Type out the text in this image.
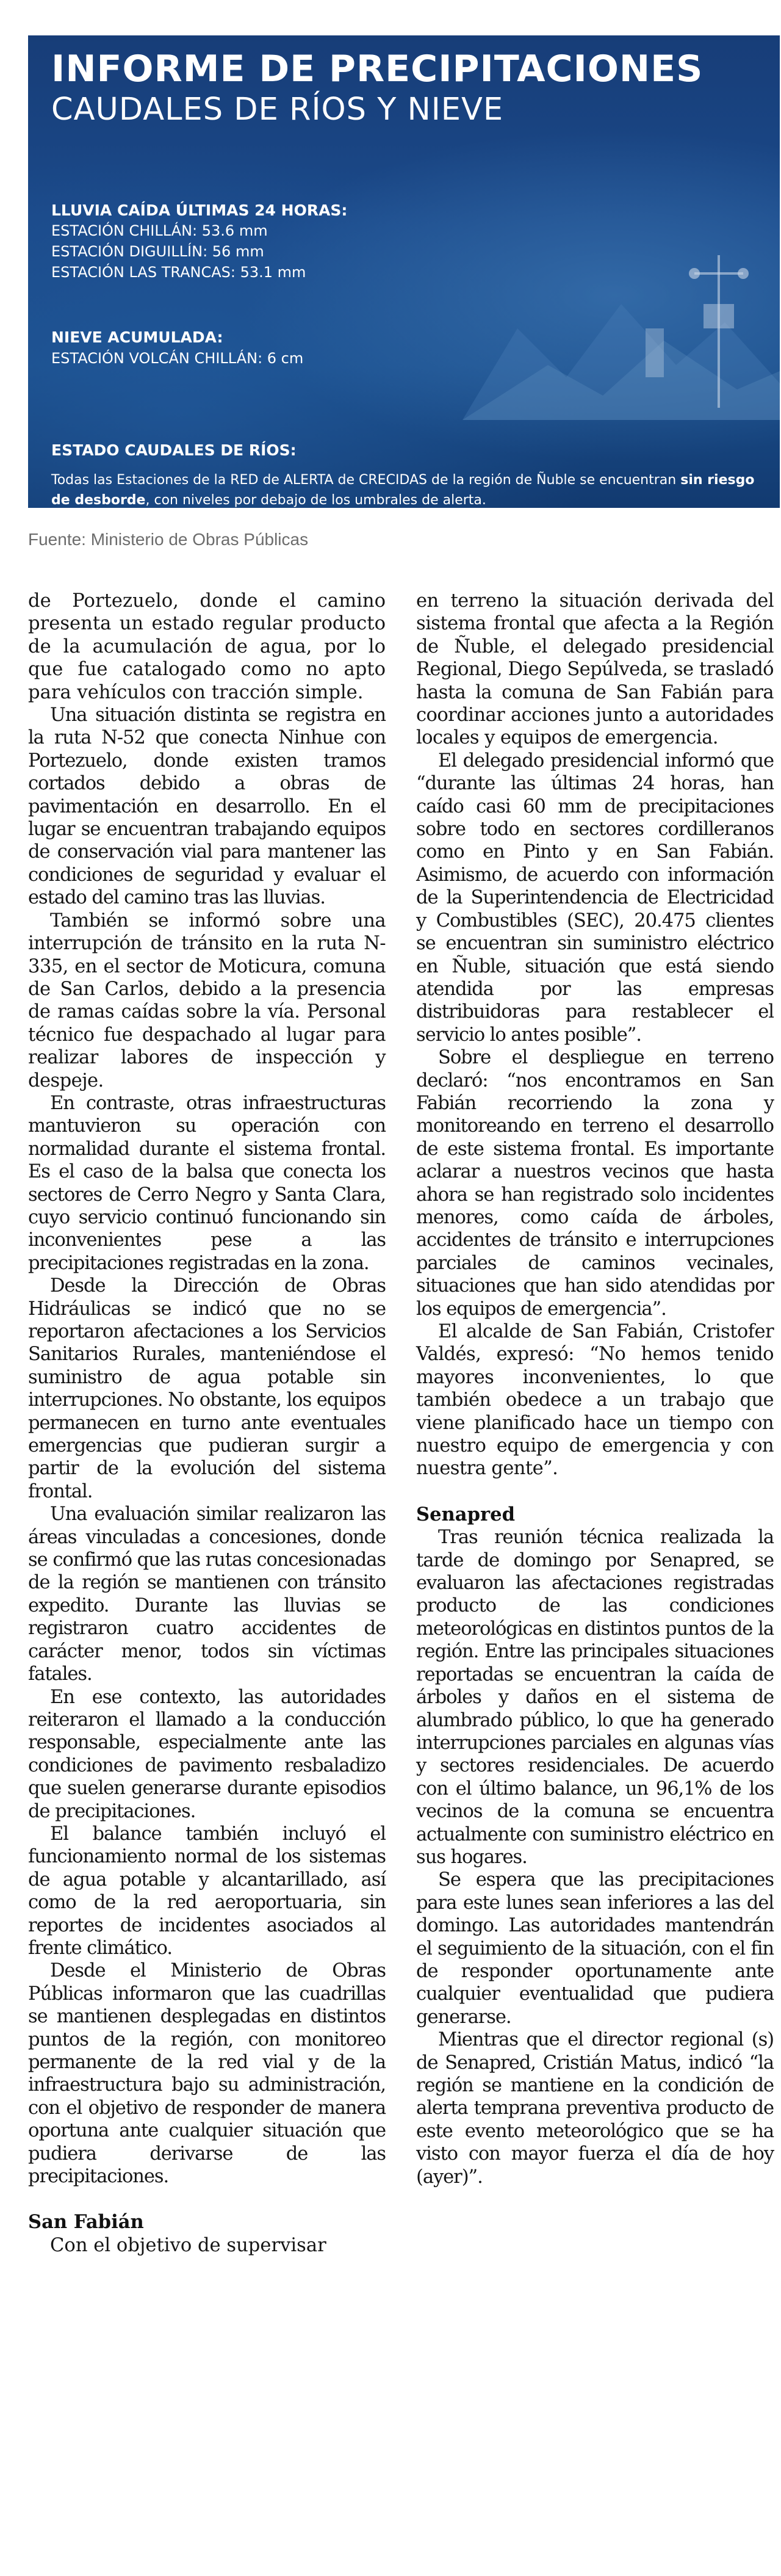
INFORME DE PRECIPITACIONES
CAUDALES DE RÍOS Y NIEVE
LLUVIA CAÍDA ÚLTIMAS 24 HORAS:
ESTACIÓN CHILLÁN: 53.6 mm
ESTACIÓN DIGUILLÍN: 56 mm
ESTACIÓN LAS TRANCAS: 53.1 mm
NIEVE ACUMULADA:
ESTACIÓN VOLCÁN CHILLÁN: 6 cm
ESTADO CAUDALES DE RÍOS:
Todas las Estaciones de la RED de ALERTA de CRECIDAS de la región de Ñuble se encuentran sin riesgo de desborde, con niveles por debajo de los umbrales de alerta.
Fuente: Ministerio de Obras Públicas

de Portezuelo, donde el camino presenta un estado regular producto de la acumulación de agua, por lo que fue catalogado como no apto para vehículos con tracción simple.

Una situación distinta se registra en la ruta N-52 que conecta Ninhue con Portezuelo, donde existen tramos cortados debido a obras de pavimentación en desarrollo. En el lugar se encuentran trabajando equipos de conservación vial para mantener las condiciones de seguridad y evaluar el estado del camino tras las lluvias.

También se informó sobre una interrupción de tránsito en la ruta N-335, en el sector de Moticura, comuna de San Carlos, debido a la presencia de ramas caídas sobre la vía. Personal técnico fue despachado al lugar para realizar labores de inspección y despeje.

En contraste, otras infraestructuras mantuvieron su operación con normalidad durante el sistema frontal. Es el caso de la balsa que conecta los sectores de Cerro Negro y Santa Clara, cuyo servicio continuó funcionando sin inconvenientes pese a las precipitaciones registradas en la zona.

Desde la Dirección de Obras Hidráulicas se indicó que no se reportaron afectaciones a los Servicios Sanitarios Rurales, manteniéndose el suministro de agua potable sin interrupciones. No obstante, los equipos permanecen en turno ante eventuales emergencias que pudieran surgir a partir de la evolución del sistema frontal.

Una evaluación similar realizaron las áreas vinculadas a concesiones, donde se confirmó que las rutas concesionadas de la región se mantienen con tránsito expedito. Durante las lluvias se registraron cuatro accidentes de carácter menor, todos sin víctimas fatales.

En ese contexto, las autoridades reiteraron el llamado a la conducción responsable, especialmente ante las condiciones de pavimento resbaladizo que suelen generarse durante episodios de precipitaciones.

El balance también incluyó el funcionamiento normal de los sistemas de agua potable y alcantarillado, así como de la red aeroportuaria, sin reportes de incidentes asociados al frente climático.

Desde el Ministerio de Obras Públicas informaron que las cuadrillas se mantienen desplegadas en distintos puntos de la región, con monitoreo permanente de la red vial y de la infraestructura bajo su administración, con el objetivo de responder de manera oportuna ante cualquier situación que pudiera derivarse de las precipitaciones.

San Fabián

Con el objetivo de supervisar

en terreno la situación derivada del sistema frontal que afecta a la Región de Ñuble, el delegado presidencial Regional, Diego Sepúlveda, se trasladó hasta la comuna de San Fabián para coordinar acciones junto a autoridades locales y equipos de emergencia.

El delegado presidencial informó que “durante las últimas 24 horas, han caído casi 60 mm de precipitaciones sobre todo en sectores cordilleranos como en Pinto y en San Fabián. Asimismo, de acuerdo con información de la Superintendencia de Electricidad y Combustibles (SEC), 20.475 clientes se encuentran sin suministro eléctrico en Ñuble, situación que está siendo atendida por las empresas distribuidoras para restablecer el servicio lo antes posible”.

Sobre el despliegue en terreno declaró: “nos encontramos en San Fabián recorriendo la zona y monitoreando en terreno el desarrollo de este sistema frontal. Es importante aclarar a nuestros vecinos que hasta ahora se han registrado solo incidentes menores, como caída de árboles, accidentes de tránsito e interrupciones parciales de caminos vecinales, situaciones que han sido atendidas por los equipos de emergencia”.

El alcalde de San Fabián, Cristofer Valdés, expresó: “No hemos tenido mayores inconvenientes, lo que también obedece a un trabajo que viene planificado hace un tiempo con nuestro equipo de emergencia y con nuestra gente”.

Senapred

Tras reunión técnica realizada la tarde de domingo por Senapred, se evaluaron las afectaciones registradas producto de las condiciones meteorológicas en distintos puntos de la región. Entre las principales situaciones reportadas se encuentran la caída de árboles y daños en el sistema de alumbrado público, lo que ha generado interrupciones parciales en algunas vías y sectores residenciales. De acuerdo con el último balance, un 96,1% de los vecinos de la comuna se encuentra actualmente con suministro eléctrico en sus hogares.

Se espera que las precipitaciones para este lunes sean inferiores a las del domingo. Las autoridades mantendrán el seguimiento de la situación, con el fin de responder oportunamente ante cualquier eventualidad que pudiera generarse.

Mientras que el director regional (s) de Senapred, Cristián Matus, indicó “la región se mantiene en la condición de alerta temprana preventiva producto de este evento meteorológico que se ha visto con mayor fuerza el día de hoy (ayer)”.
